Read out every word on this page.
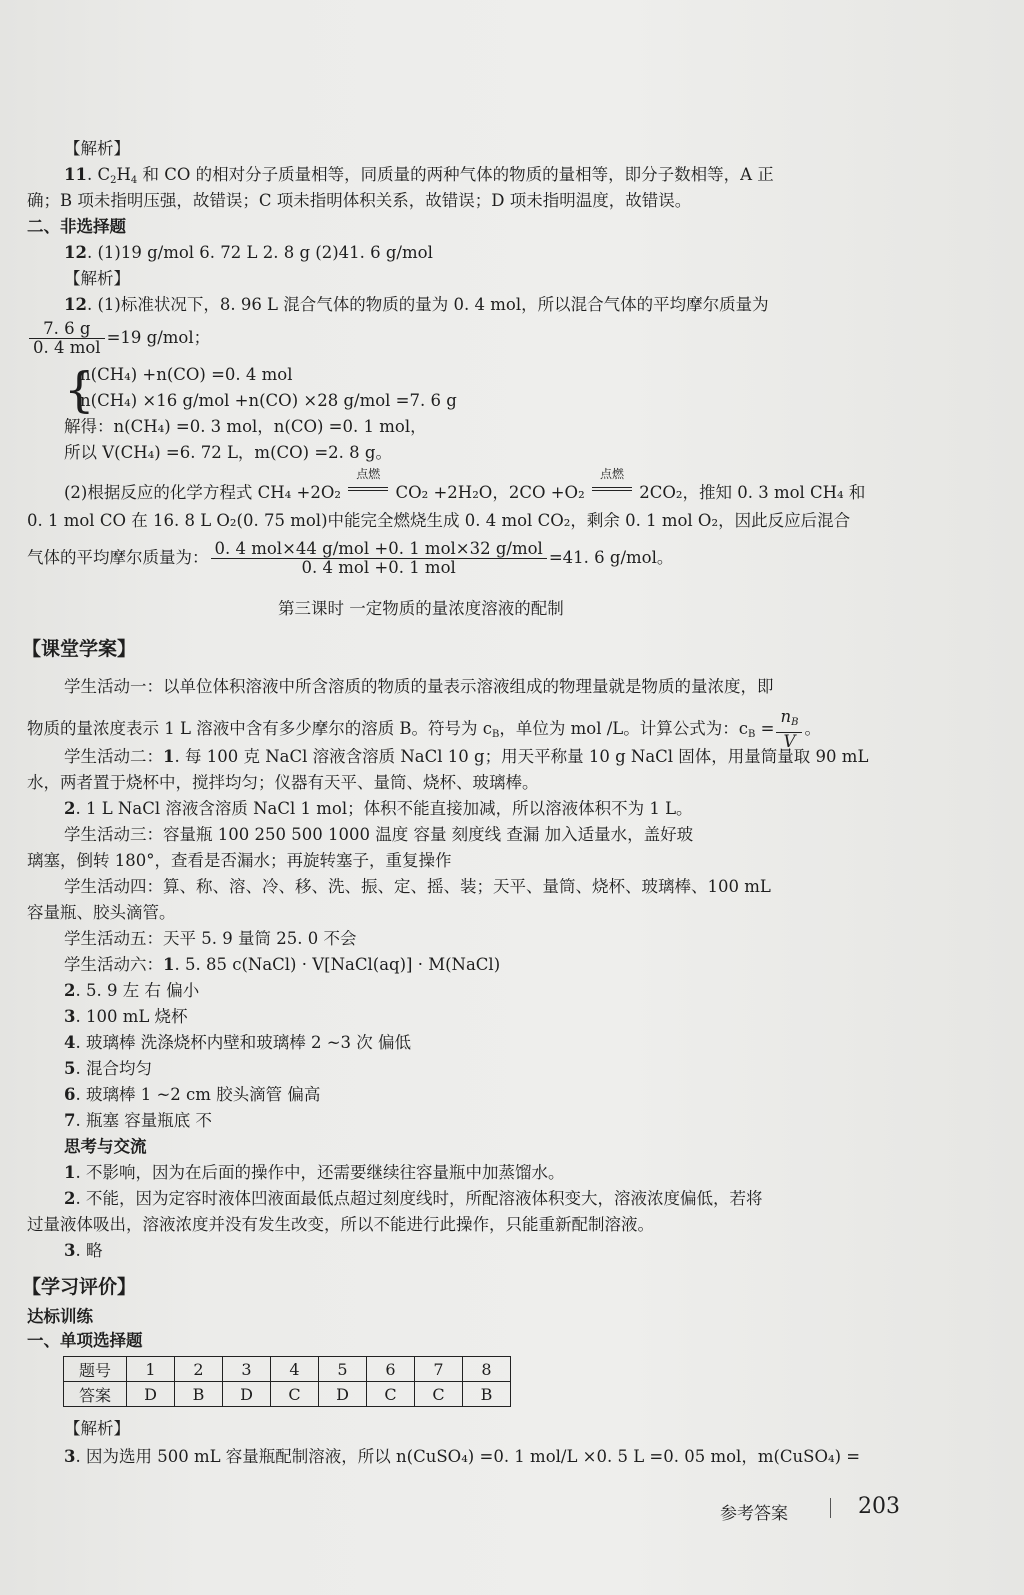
【解析】
11. $C_2H_4$ 和 CO 的相对分子质量相等，同质量的两种气体的物质的量相等，即分子数相等，A 正
确；B 项未指明压强，故错误；C 项未指明体积关系，故错误；D 项未指明温度，故错误。
二、非选择题
12. (1)19 g/mol 6. 72 L 2. 8 g (2)41. 6 g/mol
【解析】
12. (1)标准状况下，8. 96 L 混合气体的物质的量为 0. 4 mol，所以混合气体的平均摩尔质量为
$\frac{7. 6 g}{\text{0. 4 mol}} =19$ g/mol；
{
n(CH₄) +n(CO) =0. 4 mol
n(CH₄) ×16 g/mol +n(CO) ×28 g/mol =7. 6 g
解得：n(CH₄) =0. 3 mol，n(CO) =0. 1 mol，
所以 V(CH₄) =6. 72 L，m(CO) =2. 8 g。
(2)根据反应的化学方程式 CH₄ +2O₂
点燃
CO₂ +2H₂O，2CO +O₂
点燃
2CO₂，推知 0. 3 mol CH₄ 和
0. 1 mol CO 在 16. 8 L O₂(0. 75 mol)中能完全燃烧生成 0. 4 mol CO₂，剩余 0. 1 mol O₂，因此反应后混合
气体的平均摩尔质量为： $\frac{\text{0. 4 mol×44 g/mol +0. 1 mol×32 g/mol}}{\text{0. 4 mol +0. 1 mol}} =41$. 6 g/mol。
第三课时 一定物质的量浓度溶液的配制
【课堂学案】
学生活动一：以单位体积溶液中所含溶质的物质的量表示溶液组成的物理量就是物质的量浓度，即
物质的量浓度表示 1 L 溶液中含有多少摩尔的溶质 B。符号为 $c_B$，单位为 mol /L。计算公式为：$c_B = \frac{n_B}{V}$ 。
学生活动二：1. 每 100 克 NaCl 溶液含溶质 NaCl 10 g；用天平称量 10 g NaCl 固体，用量筒量取 90 mL
水，两者置于烧杯中，搅拌均匀；仪器有天平、量筒、烧杯、玻璃棒。
2. 1 L NaCl 溶液含溶质 NaCl 1 mol；体积不能直接加减，所以溶液体积不为 1 L。
学生活动三：容量瓶 100 250 500 1000 温度 容量 刻度线 查漏 加入适量水，盖好玻
璃塞，倒转 180°，查看是否漏水；再旋转塞子，重复操作
学生活动四：算、称、溶、冷、移、洗、振、定、摇、装；天平、量筒、烧杯、玻璃棒、100 mL
容量瓶、胶头滴管。
学生活动五：天平 5. 9 量筒 25. 0 不会
学生活动六：1. 5. 85 c(NaCl) · V[NaCl(aq)] · M(NaCl)
2. 5. 9 左 右 偏小
3. 100 mL 烧杯
4. 玻璃棒 洗涤烧杯内壁和玻璃棒 2 ~3 次 偏低
5. 混合均匀
6. 玻璃棒 1 ~2 cm 胶头滴管 偏高
7. 瓶塞 容量瓶底 不
思考与交流
1. 不影响，因为在后面的操作中，还需要继续往容量瓶中加蒸馏水。
2. 不能，因为定容时液体凹液面最低点超过刻度线时，所配溶液体积变大，溶液浓度偏低，若将
过量液体吸出，溶液浓度并没有发生改变，所以不能进行此操作，只能重新配制溶液。
3. 略
【学习评价】
达标训练
一、单项选择题
题号	1	2	3	4	5	6	7	8
答案	D	B	D	C	D	C	C	B
【解析】
3. 因为选用 500 mL 容量瓶配制溶液，所以 n(CuSO₄) =0. 1 mol/L ×0. 5 L =0. 05 mol，m(CuSO₄) =
参考答案	203
